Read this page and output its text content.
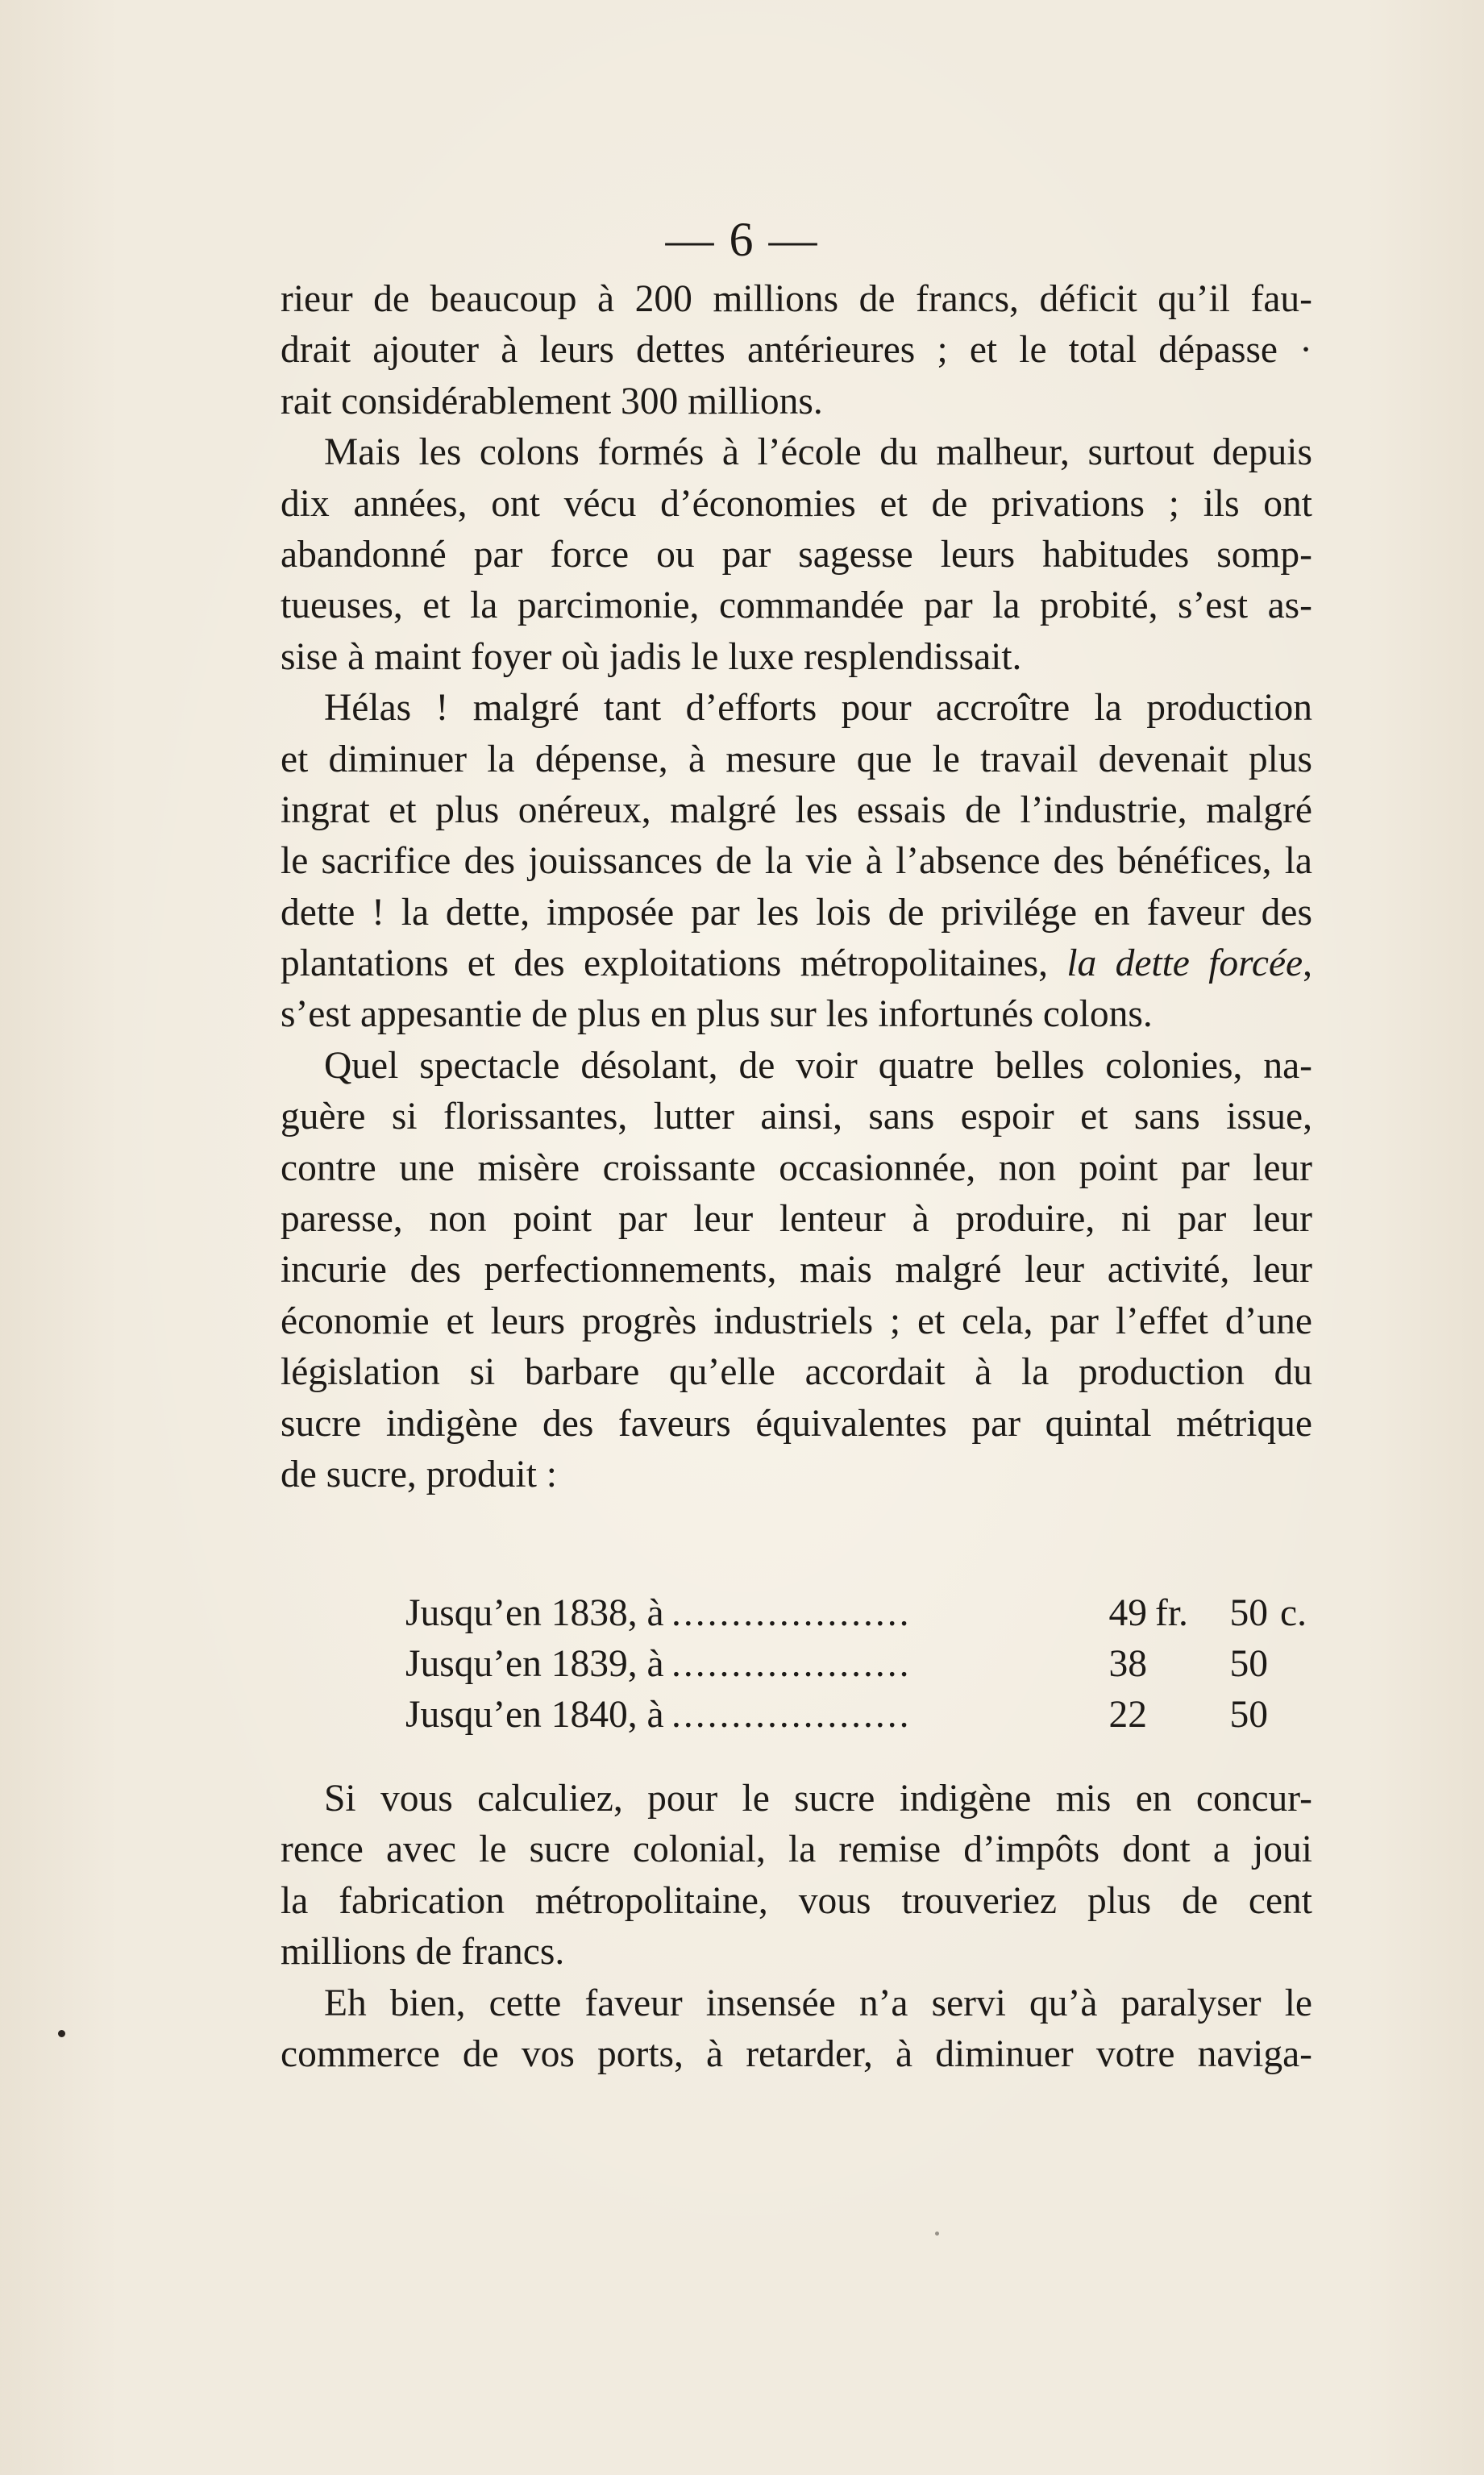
— 6 —
rieur de beaucoup à 200 millions de francs, déficit qu’il fau-
drait ajouter à leurs dettes antérieures ; et le total dépasse ·
rait considérablement 300 millions.
Mais les colons formés à l’école du malheur, surtout depuis
dix années, ont vécu d’économies et de privations ; ils ont
abandonné par force ou par sagesse leurs habitudes somp-
tueuses, et la parcimonie, commandée par la probité, s’est as-
sise à maint foyer où jadis le luxe resplendissait.
Hélas ! malgré tant d’efforts pour accroître la production
et diminuer la dépense, à mesure que le travail devenait plus
ingrat et plus onéreux, malgré les essais de l’industrie, malgré
le sacrifice des jouissances de la vie à l’absence des bénéfices, la
dette ! la dette, imposée par les lois de privilége en faveur des
plantations et des exploitations métropolitaines, la dette forcée,
s’est appesantie de plus en plus sur les infortunés colons.
Quel spectacle désolant, de voir quatre belles colonies, na-
guère si florissantes, lutter ainsi, sans espoir et sans issue,
contre une misère croissante occasionnée, non point par leur
paresse, non point par leur lenteur à produire, ni par leur
incurie des perfectionnements, mais malgré leur activité, leur
économie et leurs progrès industriels ; et cela, par l’effet d’une
législation si barbare qu’elle accordait à la production du
sucre indigène des faveurs équivalentes par quintal métrique
de sucre, produit :
Jusqu’en 1838, à ....................	49 fr.	50 c.
Jusqu’en 1839, à ....................	38	50
Jusqu’en 1840, à ....................	22	50
Si vous calculiez, pour le sucre indigène mis en concur-
rence avec le sucre colonial, la remise d’impôts dont a joui
la fabrication métropolitaine, vous trouveriez plus de cent
millions de francs.
Eh bien, cette faveur insensée n’a servi qu’à paralyser le
commerce de vos ports, à retarder, à diminuer votre naviga-
